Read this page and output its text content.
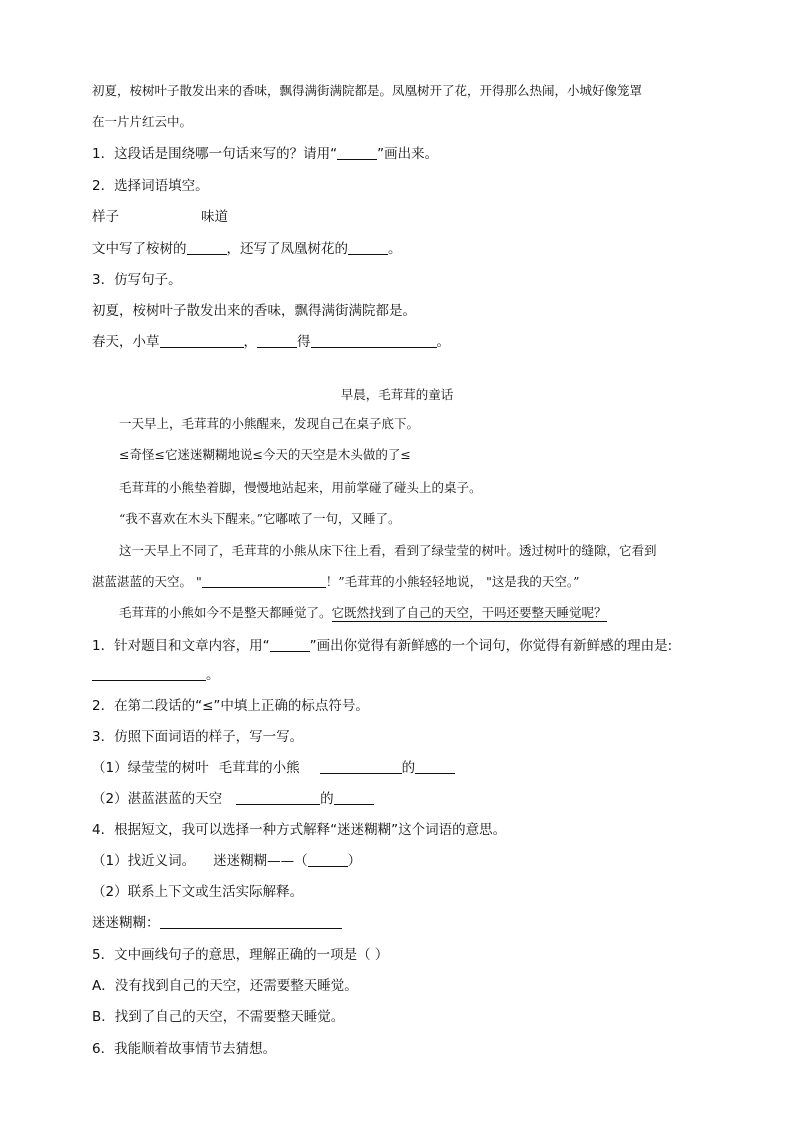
初夏，桉树叶子散发出来的香味，飘得满街满院都是。凤凰树开了花，开得那么热闹，小城好像笼罩
在一片片红云中。
1．这段话是围绕哪一句话来写的？请用“	”画出来。
2．选择词语填空。
样子	味道
文中写了桉树的	，还写了凤凰树花的	。
3．仿写句子。
初夏，桉树叶子散发出来的香味，飘得满街满院都是。
春天，小草	，	得	。
早晨，毛茸茸的童话
一天早上，毛茸茸的小熊醒来，发现自己在桌子底下。
≤奇怪≤它迷迷糊糊地说≤今天的天空是木头做的了≤
毛茸茸的小熊垫着脚，慢慢地站起来，用前掌碰了碰头上的桌子。
“我不喜欢在木头下醒来。”它嘟哝了一句，又睡了。
这一天早上不同了，毛茸茸的小熊从床下往上看，看到了绿莹莹的树叶。透过树叶的缝隙，它看到
湛蓝湛蓝的天空。 "	！”毛茸茸的小熊轻轻地说， "这是我的天空。”
毛茸茸的小熊如今不是整天都睡觉了。它既然找到了自己的天空，干吗还要整天睡觉呢？
1．针对题目和文章内容，用“	”画出你觉得有新鲜感的一个词句，你觉得有新鲜感的理由是:
。
2．在第二段话的“≤”中填上正确的标点符号。
3．仿照下面词语的样子，写一写。
（1）绿莹莹的树叶 毛茸茸的小熊	的
（2）湛蓝湛蓝的天空	的
4．根据短文，我可以选择一种方式解释“迷迷糊糊”这个词语的意思。
（1）找近义词。 迷迷糊糊——（	）
（2）联系上下文或生活实际解释。
迷迷糊糊：
5．文中画线句子的意思，理解正确的一项是（ ）
A．没有找到自己的天空，还需要整天睡觉。
B．找到了自己的天空，不需要整天睡觉。
6．我能顺着故事情节去猜想。
